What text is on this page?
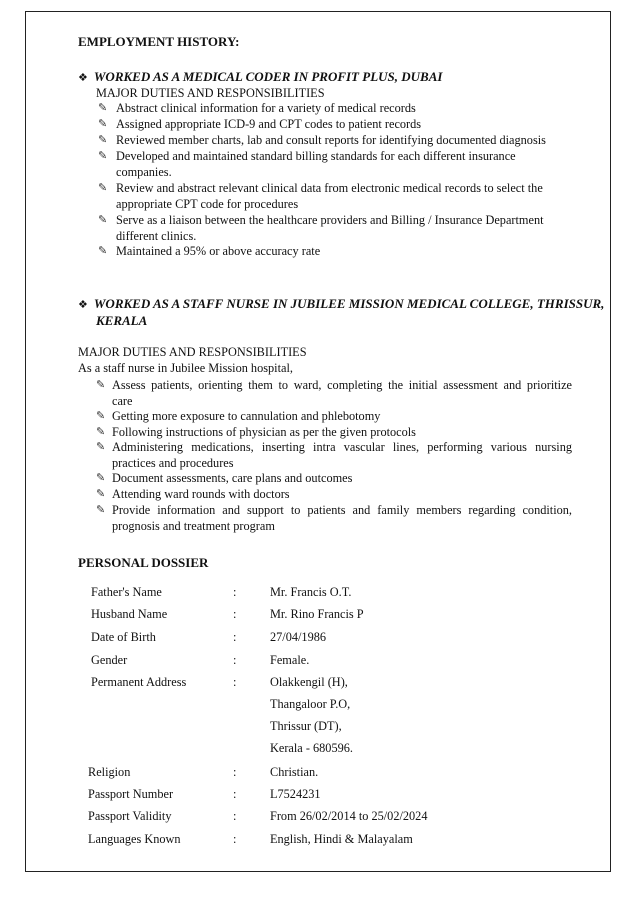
EMPLOYMENT HISTORY:
❖ WORKED AS A MEDICAL CODER IN PROFIT PLUS, DUBAI
MAJOR DUTIES AND RESPONSIBILITIES
✎ Abstract clinical information for a variety of medical records
✎ Assigned appropriate ICD-9 and CPT codes to patient records
✎ Reviewed member charts, lab and consult reports for identifying documented diagnosis
✎ Developed and maintained standard billing standards for each different insurance
companies.
✎ Review and abstract relevant clinical data from electronic medical records to select the
appropriate CPT code for procedures
✎ Serve as a liaison between the healthcare providers and Billing / Insurance Department
different clinics.
✎ Maintained a 95% or above accuracy rate
❖ WORKED AS A STAFF NURSE IN JUBILEE MISSION MEDICAL COLLEGE, THRISSUR,
KERALA
MAJOR DUTIES AND RESPONSIBILITIES
As a staff nurse in Jubilee Mission hospital,
✎ Assess patients, orienting them to ward, completing the initial assessment and prioritize
care
✎ Getting more exposure to cannulation and phlebotomy
✎ Following instructions of physician as per the given protocols
✎ Administering medications, inserting intra vascular lines, performing various nursing
practices and procedures
✎ Document assessments, care plans and outcomes
✎ Attending ward rounds with doctors
✎ Provide information and support to patients and family members regarding condition,
prognosis and treatment program
PERSONAL DOSSIER
Father's Name	:	Mr. Francis O.T.
Husband Name	:	Mr. Rino Francis P
Date of Birth	:	27/04/1986
Gender	:	Female.
Permanent Address	:	Olakkengil (H),
Thangaloor P.O,
Thrissur (DT),
Kerala - 680596.
Religion	:	Christian.
Passport Number	:	L7524231
Passport Validity	:	From 26/02/2014 to 25/02/2024
Languages Known	:	English, Hindi & Malayalam
